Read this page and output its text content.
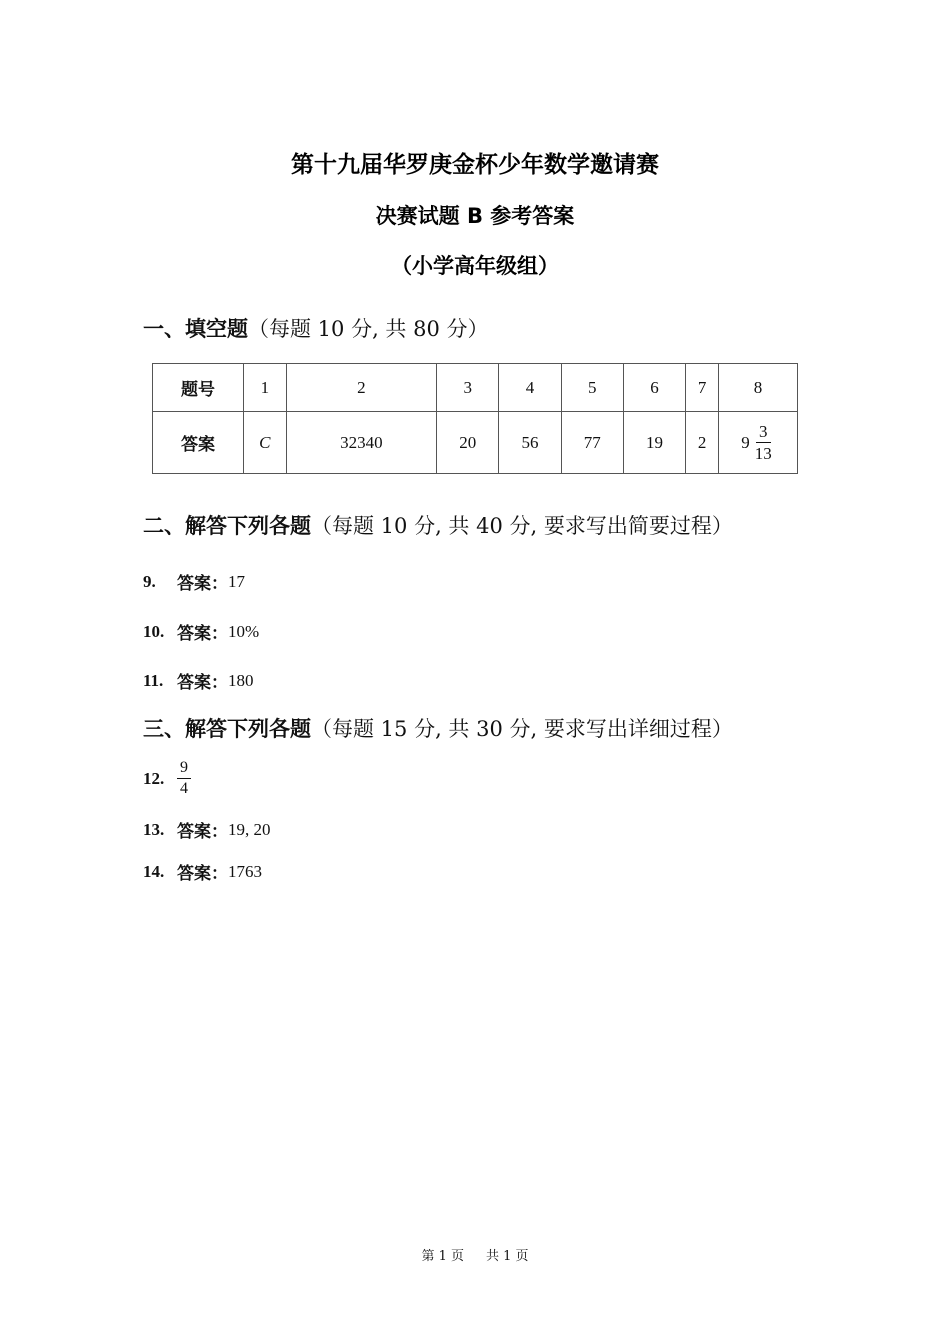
第十九届华罗庚金杯少年数学邀请赛
决赛试题 B 参考答案
（小学高年级组）
一、填空题（每题 10 分, 共 80 分）
题号	1	2	3	4	5	6	7	8
答案	C	32340	20	56	77	19	2	$9 \frac{3}{13}$
二、解答下列各题（每题 10 分, 共 40 分, 要求写出简要过程）
9.	答案： 17
10. 答案： 10%
11. 答案： 180
三、解答下列各题（每题 15 分, 共 30 分, 要求写出详细过程）
12. $\frac{9}{4}$
13. 答案： 19, 20
14. 答案： 1763
第 1 页 共 1 页
